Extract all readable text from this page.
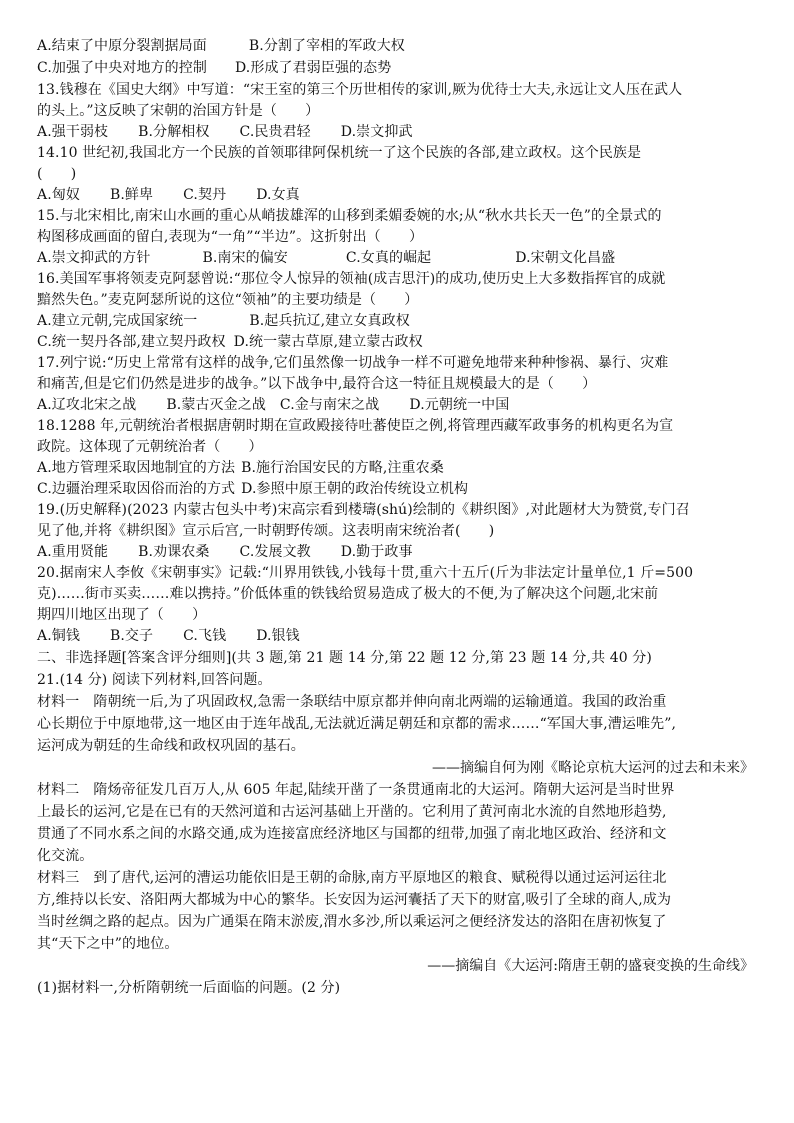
A.结束了中原分裂割据局面	B.分割了宰相的军政大权
C.加强了中央对地方的控制 D.形成了君弱臣强的态势
13.钱穆在《国史大纲》中写道：“宋王室的第三个历世相传的家训,厥为优待士大夫,永远让文人压在武人
的头上。”这反映了宋朝的治国方针是（　　）
A.强干弱枝 B.分解相权 C.民贵君轻 D.崇文抑武
14.10 世纪初,我国北方一个民族的首领耶律阿保机统一了这个民族的各部,建立政权。这个民族是
(　　)
A.匈奴 B.鲜卑 C.契丹 D.女真
15.与北宋相比,南宋山水画的重心从峭拔雄浑的山移到柔媚委婉的水;从“秋水共长天一色”的全景式的
构图移成画面的留白,表现为“一角”“半边”。这折射出（　　）
A.崇文抑武的方针	B.南宋的偏安	C.女真的崛起	D.宋朝文化昌盛
16.美国军事将领麦克阿瑟曾说:“那位令人惊异的领袖(成吉思汗)的成功,使历史上大多数指挥官的成就
黯然失色。”麦克阿瑟所说的这位“领袖”的主要功绩是（　　）
A.建立元朝,完成国家统一	B.起兵抗辽,建立女真政权
C.统一契丹各部,建立契丹政权 D.统一蒙古草原,建立蒙古政权
17.列宁说:“历史上常常有这样的战争,它们虽然像一切战争一样不可避免地带来种种惨祸、暴行、灾难
和痛苦,但是它们仍然是进步的战争。”以下战争中,最符合这一特征且规模最大的是（　　）
A.辽攻北宋之战 B.蒙古灭金之战 C.金与南宋之战 D.元朝统一中国
18.1288 年,元朝统治者根据唐朝时期在宣政殿接待吐蕃使臣之例,将管理西藏军政事务的机构更名为宣
政院。这体现了元朝统治者（　　）
A.地方管理采取因地制宜的方法 B.施行治国安民的方略,注重农桑
C.边疆治理采取因俗而治的方式 D.参照中原王朝的政治传统设立机构
19.(历史解释)(2023 内蒙古包头中考)宋高宗看到楼璹(shú)绘制的《耕织图》,对此题材大为赞赏,专门召
见了他,并将《耕织图》宣示后宫,一时朝野传颂。这表明南宋统治者(　　)
A.重用贤能 B.劝课农桑 C.发展文教 D.勤于政事
20.据南宋人李攸《宋朝事实》记载:“川界用铁钱,小钱每十贯,重六十五斤(斤为非法定计量单位,1 斤=500
克)……街市买卖……难以携持。”价低体重的铁钱给贸易造成了极大的不便,为了解决这个问题,北宋前
期四川地区出现了（　　）
A.铜钱 B.交子 C.飞钱 D.银钱
二、非选择题[答案含评分细则](共 3 题,第 21 题 14 分,第 22 题 12 分,第 23 题 14 分,共 40 分)
21.(14 分) 阅读下列材料,回答问题。
材料一　隋朝统一后,为了巩固政权,急需一条联结中原京都并伸向南北两端的运输通道。我国的政治重
心长期位于中原地带,这一地区由于连年战乱,无法就近满足朝廷和京都的需求……“军国大事,漕运唯先”,
运河成为朝廷的生命线和政权巩固的基石。
——摘编自何为刚《略论京杭大运河的过去和未来》
材料二　隋炀帝征发几百万人,从 605 年起,陆续开凿了一条贯通南北的大运河。隋朝大运河是当时世界
上最长的运河,它是在已有的天然河道和古运河基础上开凿的。它利用了黄河南北水流的自然地形趋势,
贯通了不同水系之间的水路交通,成为连接富庶经济地区与国都的纽带,加强了南北地区政治、经济和文
化交流。
材料三　到了唐代,运河的漕运功能依旧是王朝的命脉,南方平原地区的粮食、赋税得以通过运河运往北
方,维持以长安、洛阳两大都城为中心的繁华。长安因为运河囊括了天下的财富,吸引了全球的商人,成为
当时丝绸之路的起点。因为广通渠在隋末淤废,渭水多沙,所以乘运河之便经济发达的洛阳在唐初恢复了
其“天下之中”的地位。
——摘编自《大运河:隋唐王朝的盛衰变换的生命线》
(1)据材料一,分析隋朝统一后面临的问题。(2 分)
